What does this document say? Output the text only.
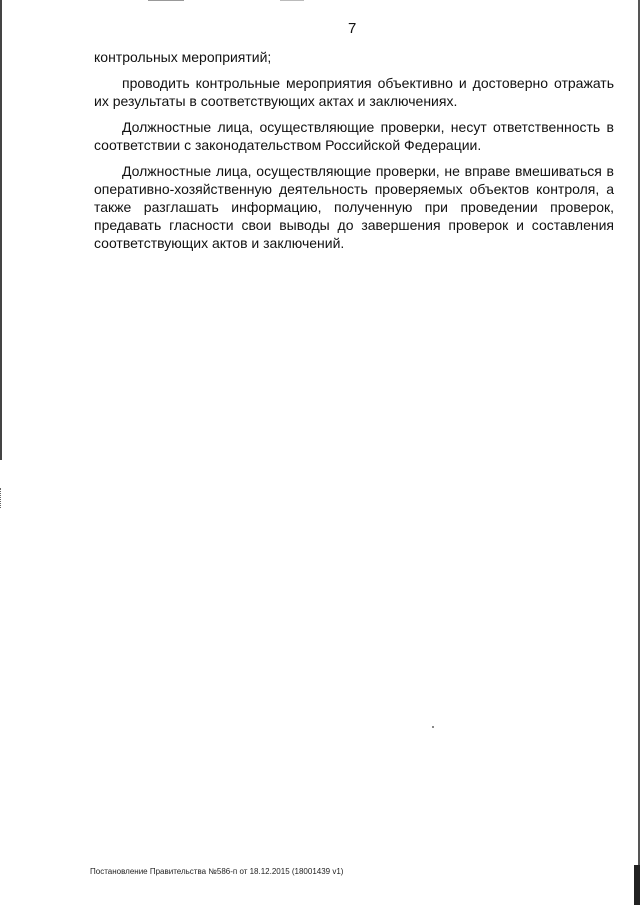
7

контрольных мероприятий;

проводить контрольные мероприятия объективно и достоверно отражать их результаты в соответствующих актах и заключениях.

Должностные лица, осуществляющие проверки, несут ответственность в соответствии с законодательством Российской Федерации.

Должностные лица, осуществляющие проверки, не вправе вмешиваться в оперативно-хозяйственную деятельность проверяемых объектов контроля, а также разглашать информацию, полученную при проведении проверок, предавать гласности свои выводы до завершения проверок и составления соответствующих актов и заключений.

Постановление Правительства №586-п от 18.12.2015 (18001439 v1)
